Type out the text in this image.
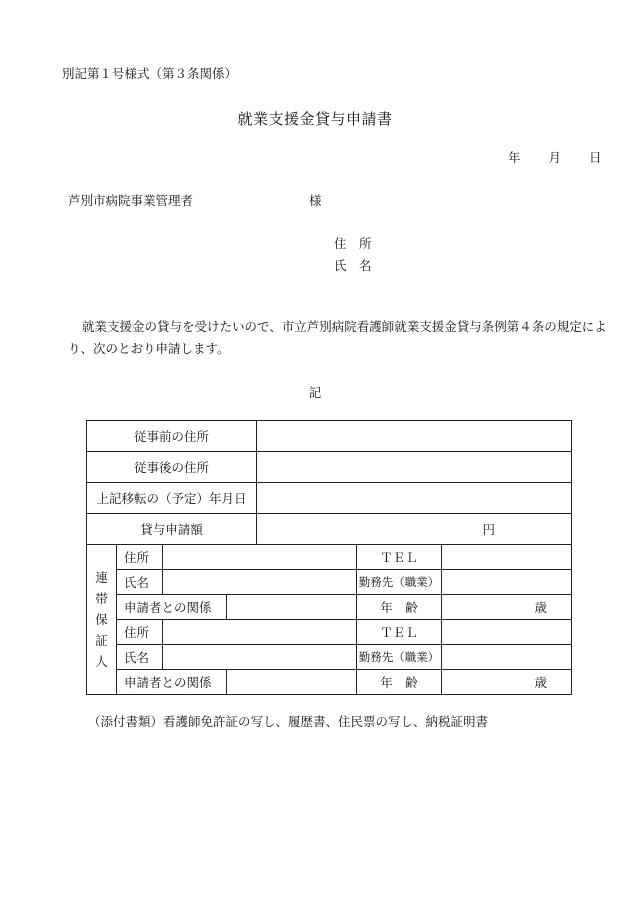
別記第１号様式（第３条関係）
就業支援金貸与申請書
年 月 日
芦別市病院事業管理者	様
住　所
氏　名
就業支援金の貸与を受けたいので、市立芦別病院看護師就業支援金貸与条例第４条の規定により、次のとおり申請します。
記
従事前の住所						
従事後の住所						
上記移転の（予定）年月日						
貸与申請額				円		
連
帯
保
証
人	住所				ＴＥＬ	
	氏名				勤務先（職業）	
	申請者との関係				年　齢	歳
	住所				ＴＥＬ	
	氏名				勤務先（職業）	
	申請者との関係				年　齢	歳
（添付書類）看護師免許証の写し、履歴書、住民票の写し、納税証明書
